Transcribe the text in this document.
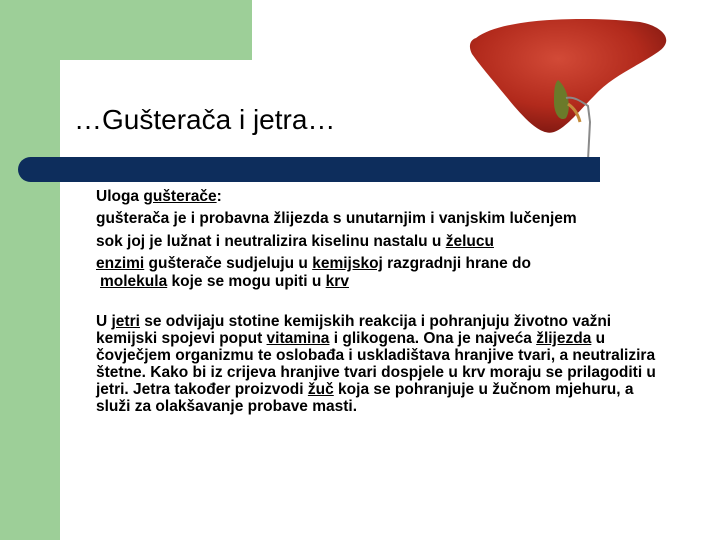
…Gušterača i jetra…
Uloga gušterače:
gušterača je i probavna žlijezda s unutarnjim i vanjskim lučenjem
sok joj je lužnat i neutralizira kiselinu nastalu u želucu
enzimi gušterače sudjeluju u kemijskoj razgradnji hrane do
molekula koje se mogu upiti u krv
U jetri se odvijaju stotine kemijskih reakcija i pohranjuju životno važni kemijski spojevi poput vitamina i glikogena. Ona je najveća žlijezda u čovječjem organizmu te oslobađa i uskladištava hranjive tvari, a neutralizira štetne. Kako bi iz crijeva hranjive tvari dospjele u krv moraju se prilagoditi u jetri. Jetra također proizvodi žuč koja se pohranjuje u žučnom mjehuru, a služi za olakšavanje probave masti.
